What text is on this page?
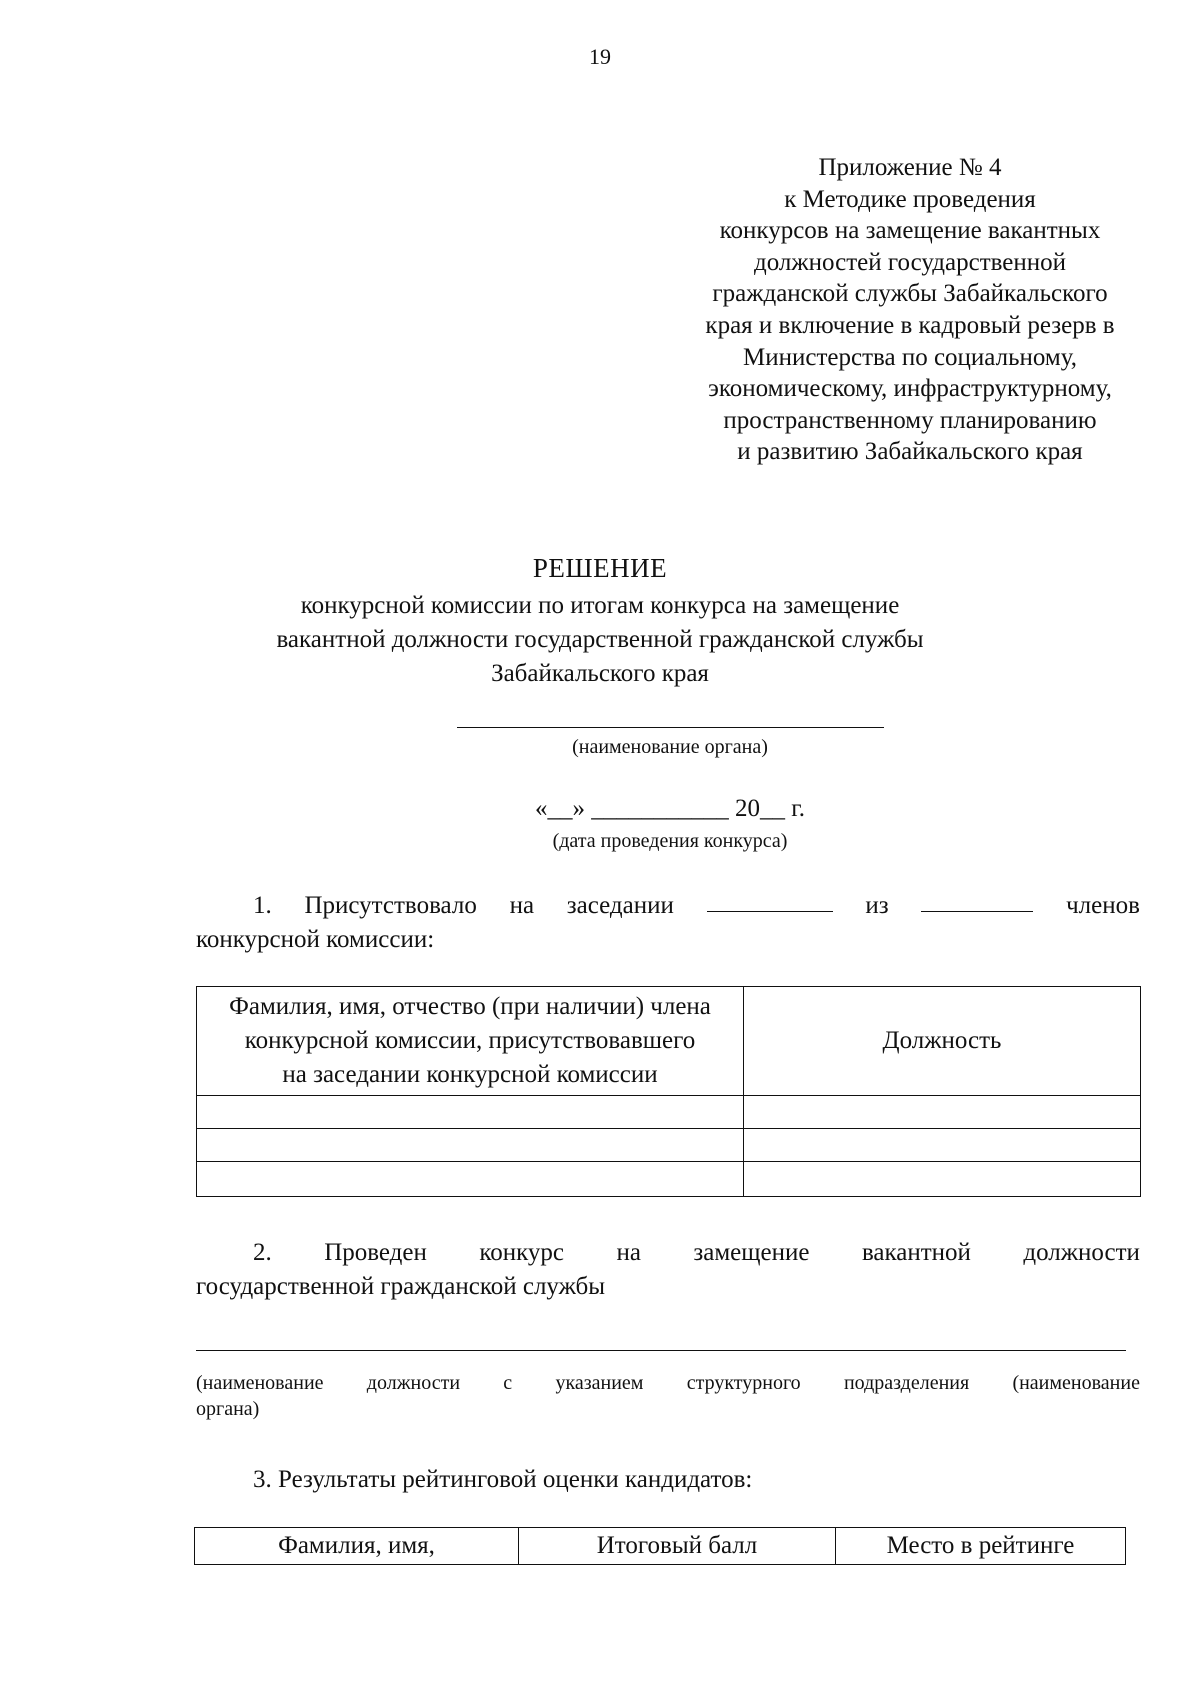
19

Приложение № 4

к Методике проведения

конкурсов на замещение вакантных

должностей государственной

гражданской службы Забайкальского

края и включение в кадровый резерв в

Министерства по социальному,

экономическому, инфраструктурному,

пространственному планированию

и развитию Забайкальского края

РЕШЕНИЕ

конкурсной комиссии по итогам конкурса на замещение

вакантной должности государственной гражданской службы

Забайкальского края

(наименование органа)
«__» ___________ 20__ г.
(дата проведения конкурса)
1. Присутствовало на заседании	из	членов
конкурсной комиссии:
Фамилия, имя, отчество (при наличии) члена
конкурсной комиссии, присутствовавшего
на заседании конкурсной комиссии	Должность

2. Проведен конкурс на замещение вакантной должности
государственной гражданской службы
(наименование должности с указанием структурного подразделения (наименование
органа)
3. Результаты рейтинговой оценки кандидатов:
Фамилия, имя,	Итоговый балл	Место в рейтинге
